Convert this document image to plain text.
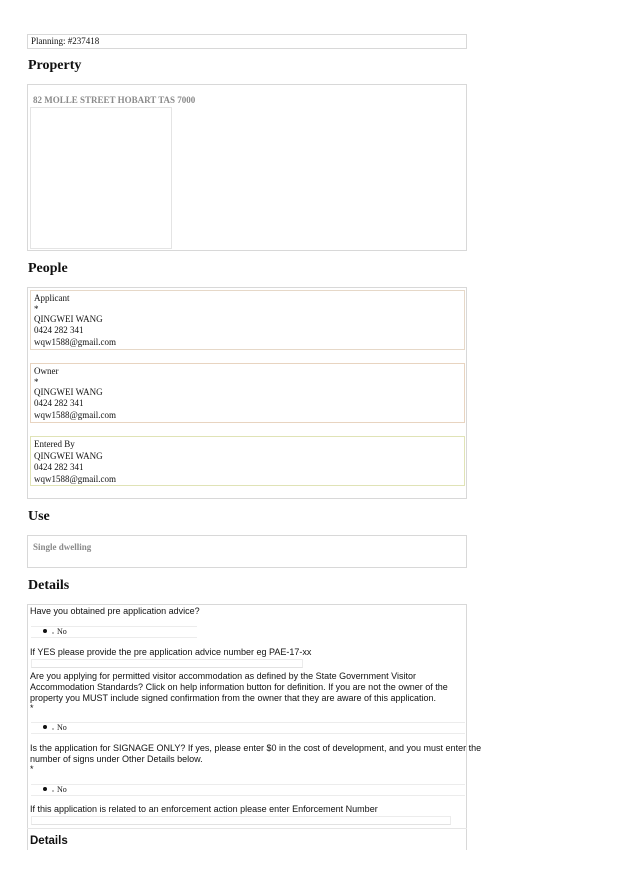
Planning: #237418
Property
82 MOLLE STREET HOBART TAS 7000
People
Applicant
*
QINGWEI WANG
0424 282 341
wqw1588@gmail.com
Owner
*
QINGWEI WANG
0424 282 341
wqw1588@gmail.com
Entered By
QINGWEI WANG
0424 282 341
wqw1588@gmail.com
Use
Single dwelling
Details
Have you obtained pre application advice?
No
If YES please provide the pre application advice number eg PAE-17-xx
Are you applying for permitted visitor accommodation as defined by the State Government Visitor
Accommodation Standards? Click on help information button for definition. If you are not the owner of the
property you MUST include signed confirmation from the owner that they are aware of this application.
*
No
Is the application for SIGNAGE ONLY? If yes, please enter $0 in the cost of development, and you must enter the
number of signs under Other Details below.
*
No
If this application is related to an enforcement action please enter Enforcement Number
Details
